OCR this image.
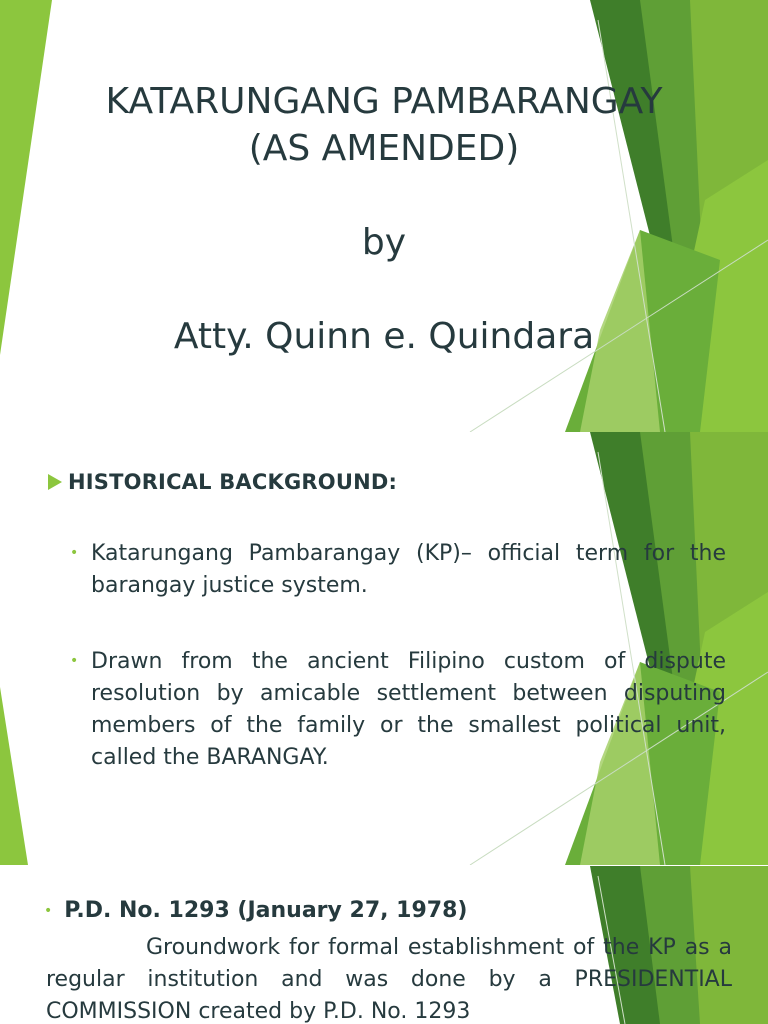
KATARUNGANG PAMBARANGAY
(AS AMENDED)
by
Atty. Quinn e. Quindara
HISTORICAL BACKGROUND:
• Katarungang Pambarangay (KP)– official term for the barangay justice system.
• Drawn from the ancient Filipino custom of dispute resolution by amicable settlement between disputing members of the family or the smallest political unit, called the BARANGAY.
• P.D. No. 1293 (January 27, 1978)
Groundwork for formal establishment of the KP as a regular institution and was done by a PRESIDENTIAL COMMISSION created by P.D. No. 1293
